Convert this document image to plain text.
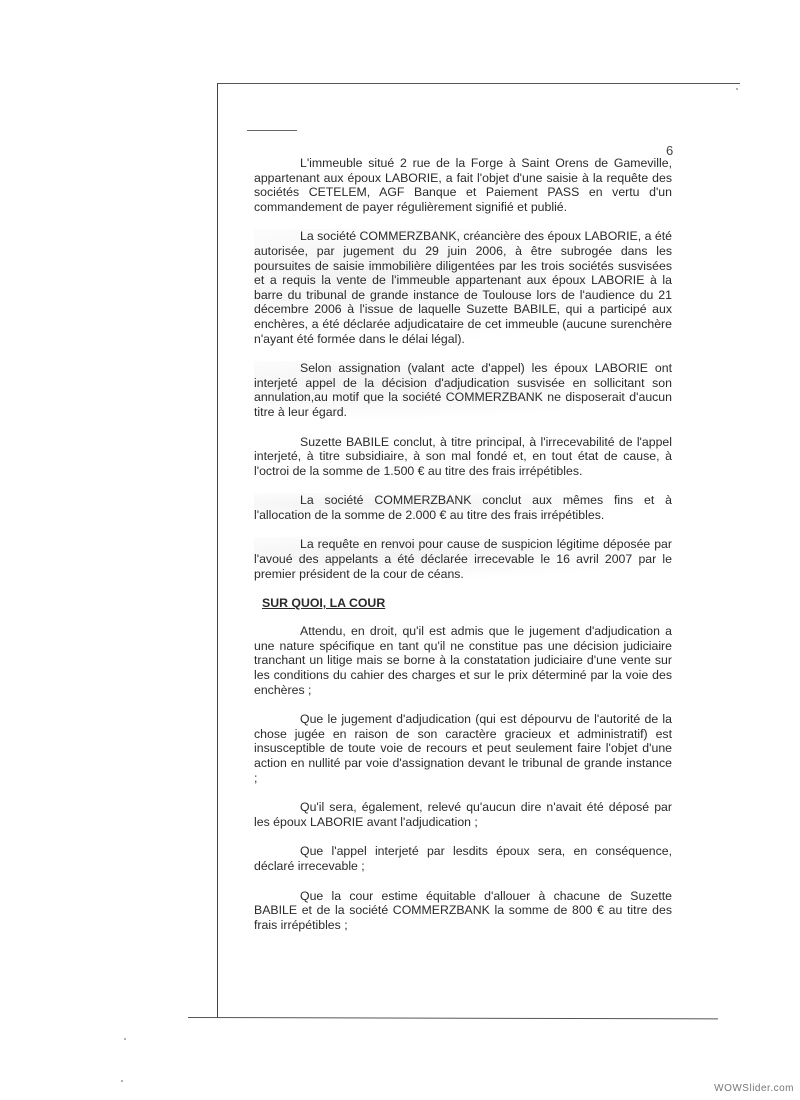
6

L'immeuble situé 2 rue de la Forge à Saint Orens de Gameville, appartenant aux époux LABORIE, a fait l'objet d'une saisie à la requête des sociétés CETELEM, AGF Banque et Paiement PASS en vertu d'un commandement de payer régulièrement signifié et publié.

La société COMMERZBANK, créancière des époux LABORIE, a été autorisée, par jugement du 29 juin 2006, à être subrogée dans les poursuites de saisie immobilière diligentées par les trois sociétés susvisées et a requis la vente de l'immeuble appartenant aux époux LABORIE à la barre du tribunal de grande instance de Toulouse lors de l'audience du 21 décembre 2006 à l'issue de laquelle Suzette BABILE, qui a participé aux enchères, a été déclarée adjudicataire de cet immeuble (aucune surenchère n'ayant été formée dans le délai légal).

Selon assignation (valant acte d'appel) les époux LABORIE ont interjeté appel de la décision d'adjudication susvisée en sollicitant son annulation,au motif que la société COMMERZBANK ne disposerait d'aucun titre à leur égard.

Suzette BABILE conclut, à titre principal, à l'irrecevabilité de l'appel interjeté, à titre subsidiaire, à son mal fondé et, en tout état de cause, à l'octroi de la somme de 1.500 € au titre des frais irrépétibles.

La société COMMERZBANK conclut aux mêmes fins et à l'allocation de la somme de 2.000 € au titre des frais irrépétibles.

La requête en renvoi pour cause de suspicion légitime déposée par l'avoué des appelants a été déclarée irrecevable le 16 avril 2007 par le premier président de la cour de céans.

SUR QUOI, LA COUR

Attendu, en droit, qu'il est admis que le jugement d'adjudication a une nature spécifique en tant qu'il ne constitue pas une décision judiciaire tranchant un litige mais se borne à la constatation judiciaire d'une vente sur les conditions du cahier des charges et sur le prix déterminé par la voie des enchères ;

Que le jugement d'adjudication (qui est dépourvu de l'autorité de la chose jugée en raison de son caractère gracieux et administratif) est insusceptible de toute voie de recours et peut seulement faire l'objet d'une action en nullité par voie d'assignation devant le tribunal de grande instance ;

Qu'il sera, également, relevé qu'aucun dire n'avait été déposé par les époux LABORIE avant l'adjudication ;

Que l'appel interjeté par lesdits époux sera, en conséquence, déclaré irrecevable ;

Que la cour estime équitable d'allouer à chacune de Suzette BABILE et de la société COMMERZBANK la somme de 800 € au titre des frais irrépétibles ;

WOWSlider.com
